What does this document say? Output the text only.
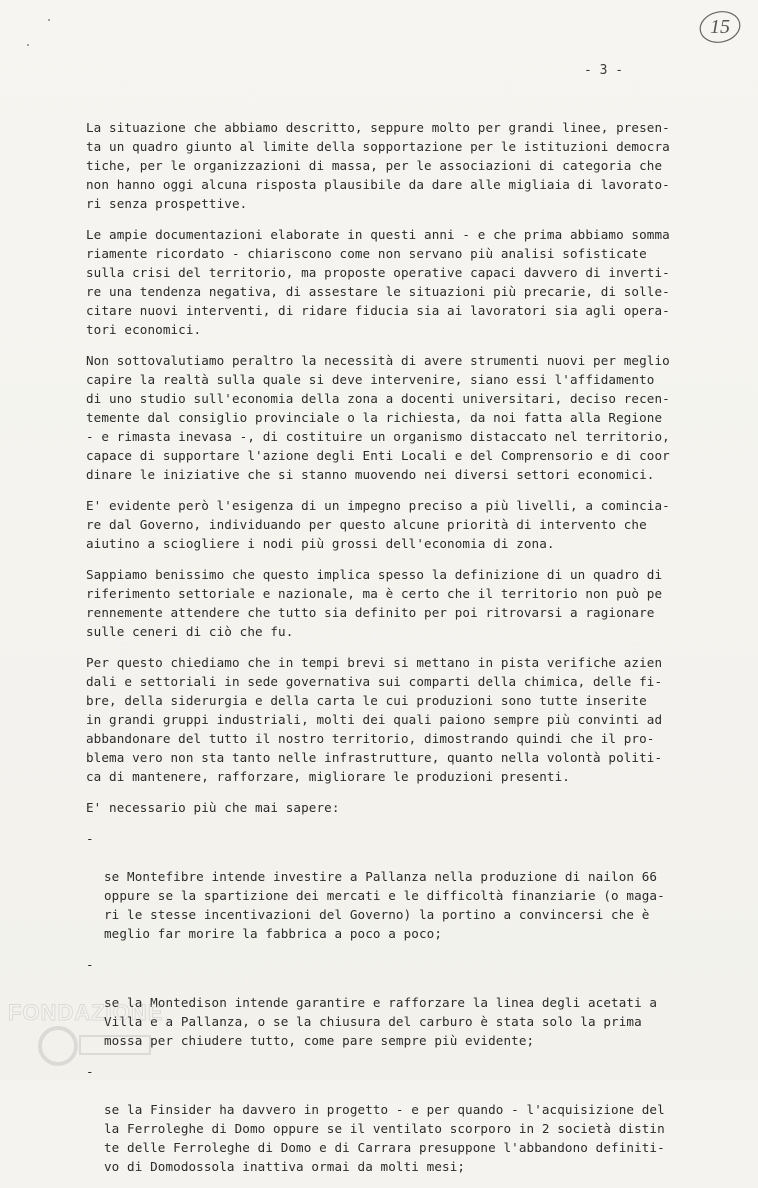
15
- 3 -

La situazione che abbiamo descritto, seppure molto per grandi linee, presen-
ta un quadro giunto al limite della sopportazione per le istituzioni democra
tiche, per le organizzazioni di massa, per le associazioni di categoria che
non hanno oggi alcuna risposta plausibile da dare alle migliaia di lavorato-
ri senza prospettive.

Le ampie documentazioni elaborate in questi anni - e che prima abbiamo somma
riamente ricordato - chiariscono come non servano più analisi sofisticate
sulla crisi del territorio, ma proposte operative capaci davvero di inverti-
re una tendenza negativa, di assestare le situazioni più precarie, di solle-
citare nuovi interventi, di ridare fiducia sia ai lavoratori sia agli opera-
tori economici.

Non sottovalutiamo peraltro la necessità di avere strumenti nuovi per meglio
capire la realtà sulla quale si deve intervenire, siano essi l'affidamento
di uno studio sull'economia della zona a docenti universitari, deciso recen-
temente dal consiglio provinciale o la richiesta, da noi fatta alla Regione
- e rimasta inevasa -, di costituire un organismo distaccato nel territorio,
capace di supportare l'azione degli Enti Locali e del Comprensorio e di coor
dinare le iniziative che si stanno muovendo nei diversi settori economici.

E' evidente però l'esigenza di un impegno preciso a più livelli, a comincia-
re dal Governo, individuando per questo alcune priorità di intervento che
aiutino a sciogliere i nodi più grossi dell'economia di zona.

Sappiamo benissimo che questo implica spesso la definizione di un quadro di
riferimento settoriale e nazionale, ma è certo che il territorio non può pe
rennemente attendere che tutto sia definito per poi ritrovarsi a ragionare
sulle ceneri di ciò che fu.

Per questo chiediamo che in tempi brevi si mettano in pista verifiche azien
dali e settoriali in sede governativa sui comparti della chimica, delle fi-
bre, della siderurgia e della carta le cui produzioni sono tutte inserite
in grandi gruppi industriali, molti dei quali paiono sempre più convinti ad
abbandonare del tutto il nostro territorio, dimostrando quindi che il pro-
blema vero non sta tanto nelle infrastrutture, quanto nella volontà politi-
ca di mantenere, rafforzare, migliorare le produzioni presenti.

E' necessario più che mai sapere:

-

se Montefibre intende investire a Pallanza nella produzione di nailon 66
oppure se la spartizione dei mercati e le difficoltà finanziarie (o maga-
ri le stesse incentivazioni del Governo) la portino a convincersi che è
meglio far morire la fabbrica a poco a poco;

-

se la Montedison intende garantire e rafforzare la linea degli acetati a
Villa e a Pallanza, o se la chiusura del carburo è stata solo la prima
mossa per chiudere tutto, come pare sempre più evidente;

-

se la Finsider ha davvero in progetto - e per quando - l'acquisizione del
la Ferroleghe di Domo oppure se il ventilato scorporo in 2 società distin
te delle Ferroleghe di Domo e di Carrara presuppone l'abbandono definiti-
vo di Domodossola inattiva ormai da molti mesi;

FONDAZIONE
